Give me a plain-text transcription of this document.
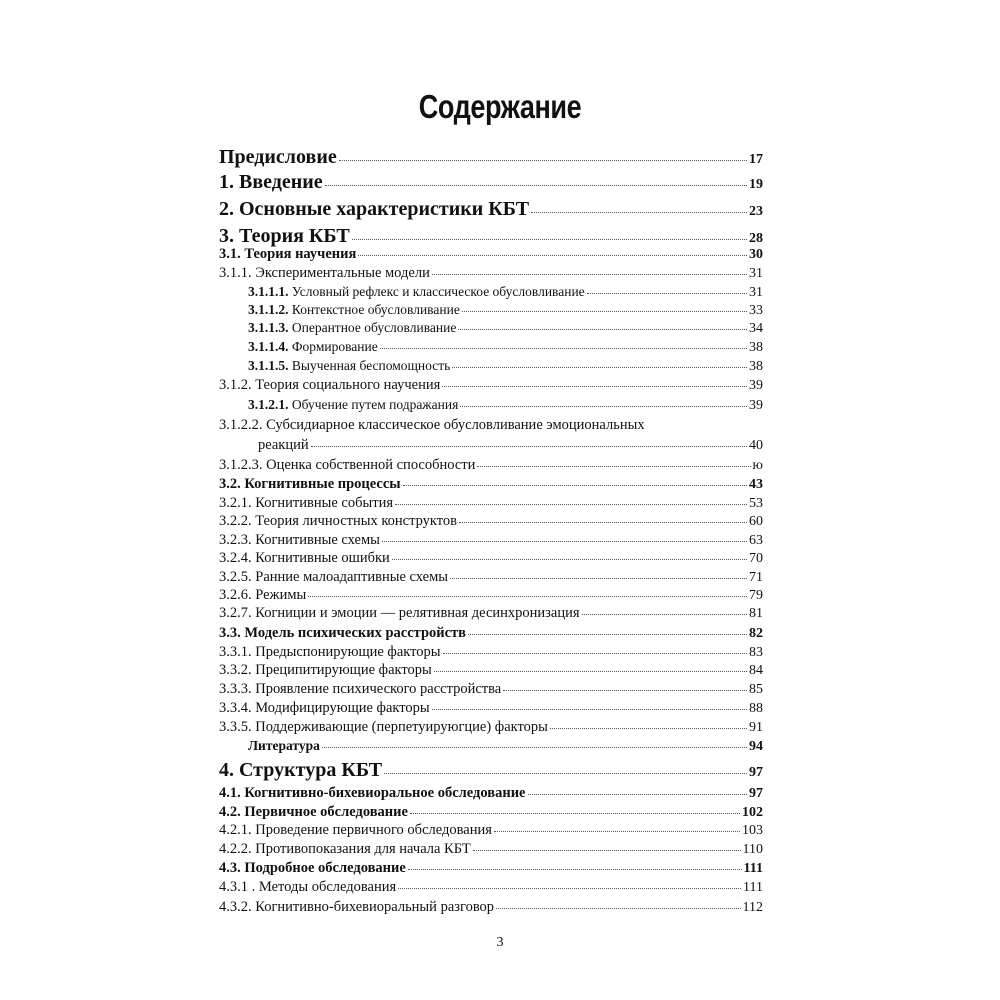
Содержание
Предисловие	17
1. Введение	19
2. Основные характеристики КБТ	23
3. Теория КБТ	28
3.1. Теория научения	30
3.1.1. Экспериментальные модели	31
3.1.1.1. Условный рефлекс и классическое обусловливание	31
3.1.1.2. Контекстное обусловливание	33
3.1.1.3. Оперантное обусловливание	34
3.1.1.4. Формирование	38
3.1.1.5. Выученная беспомощность	38
3.1.2. Теория социального научения	39
3.1.2.1. Обучение путем подражания	39
3.1.2.2. Субсидиарное классическое обусловливание эмоциональных
реакций	40
3.1.2.3. Оценка собственной способности	ю
3.2. Когнитивные процессы	43
3.2.1. Когнитивные события	53
3.2.2. Теория личностных конструктов	60
3.2.3. Когнитивные схемы	63
3.2.4. Когнитивные ошибки	70
3.2.5. Ранние малоадаптивные схемы	71
3.2.6. Режимы	79
3.2.7. Когниции и эмоции — релятивная десинхронизация	81
3.3. Модель психических расстройств	82
3.3.1. Предыспонирующие факторы	83
3.3.2. Преципитирующие факторы	84
3.3.3. Проявление психического расстройства	85
3.3.4. Модифицирующие факторы	88
3.3.5. Поддерживающие (перпетуируюгцие) факторы	91
Литература	94
4. Структура КБТ	97
4.1. Когнитивно-бихевиоральное обследование	97
4.2. Первичное обследование	102
4.2.1. Проведение первичного обследования	103
4.2.2. Противопоказания для начала КБТ	110
4.3. Подробное обследование	111
4.3.1 . Методы обследования	111
4.3.2. Когнитивно-бихевиоральный разговор	112
3
